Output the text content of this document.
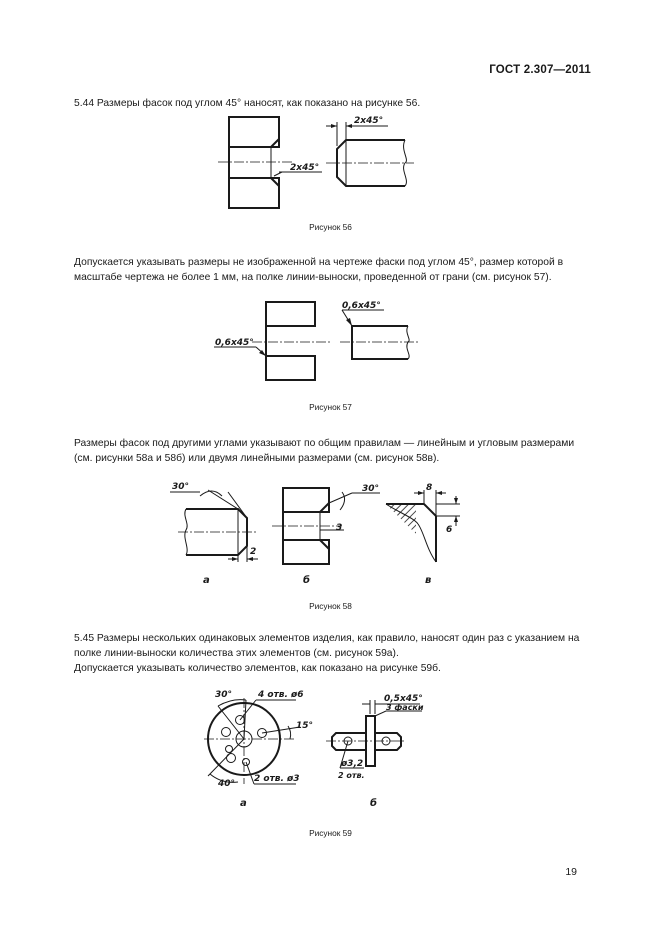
ГОСТ 2.307—2011
5.44 Размеры фасок под углом 45° наносят, как показано на рисунке 56.
Рисунок 56
Допускается указывать размеры не изображенной на чертеже фаски под углом 45°, размер которой в масштабе чертежа не более 1 мм, на полке линии-выноски, проведенной от грани (см. рисунок 57).
Рисунок 57
Размеры фасок под другими углами указывают по общим правилам — линейным и угловым размерами (см. рисунки 58а и 58б) или двумя линейными размерами (см. рисунок 58в).
Рисунок 58
5.45 Размеры нескольких одинаковых элементов изделия, как правило, наносят один раз с указанием на полке линии-выноски количества этих элементов (см. рисунок 59а).
Допускается указывать количество элементов, как показано на рисунке 59б.
Рисунок 59
19
2x45°
2x45°
0,6x45°
0,6x45°
2
30°
а
30°
3
б
8
6
в
30°	4 отв. ø6
15°
40° 2 отв. ø3
а
0,5x45°
3 фаски
ø3,2
2 отв.
б
